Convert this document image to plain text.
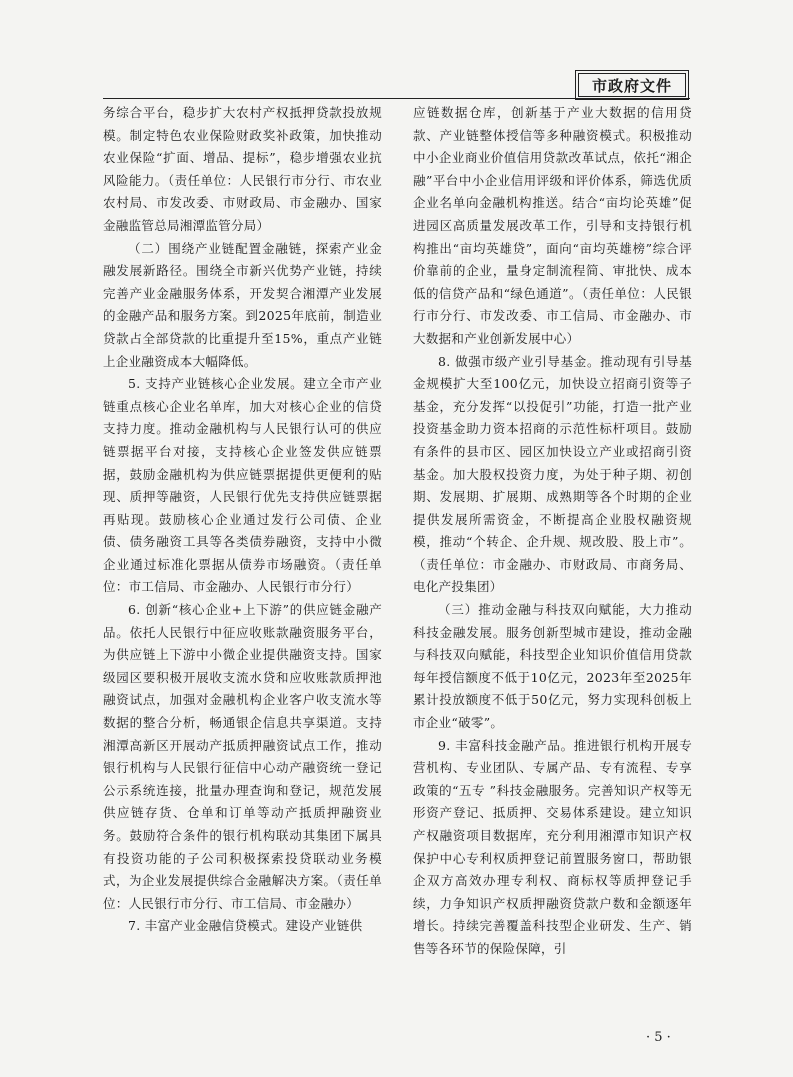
市政府文件

务综合平台，稳步扩大农村产权抵押贷款投放规模。制定特色农业保险财政奖补政策，加快推动农业保险“扩面、增品、提标”，稳步增强农业抗风险能力。（责任单位：人民银行市分行、市农业农村局、市发改委、市财政局、市金融办、国家金融监管总局湘潭监管分局）

（二）围绕产业链配置金融链，探索产业金融发展新路径。围绕全市新兴优势产业链，持续完善产业金融服务体系，开发契合湘潭产业发展的金融产品和服务方案。到2025年底前，制造业贷款占全部贷款的比重提升至15%，重点产业链上企业融资成本大幅降低。

5. 支持产业链核心企业发展。建立全市产业链重点核心企业名单库，加大对核心企业的信贷支持力度。推动金融机构与人民银行认可的供应链票据平台对接，支持核心企业签发供应链票据，鼓励金融机构为供应链票据提供更便利的贴现、质押等融资，人民银行优先支持供应链票据再贴现。鼓励核心企业通过发行公司债、企业债、债务融资工具等各类债券融资，支持中小微企业通过标准化票据从债券市场融资。（责任单位：市工信局、市金融办、人民银行市分行）

6. 创新“核心企业+上下游”的供应链金融产品。依托人民银行中征应收账款融资服务平台，为供应链上下游中小微企业提供融资支持。国家级园区要积极开展收支流水贷和应收账款质押池融资试点，加强对金融机构企业客户收支流水等数据的整合分析，畅通银企信息共享渠道。支持湘潭高新区开展动产抵质押融资试点工作，推动银行机构与人民银行征信中心动产融资统一登记公示系统连接，批量办理查询和登记，规范发展供应链存货、仓单和订单等动产抵质押融资业务。鼓励符合条件的银行机构联动其集团下属具有投资功能的子公司积极探索投贷联动业务模式，为企业发展提供综合金融解决方案。（责任单位：人民银行市分行、市工信局、市金融办）

7. 丰富产业金融信贷模式。建设产业链供

应链数据仓库，创新基于产业大数据的信用贷款、产业链整体授信等多种融资模式。积极推动中小企业商业价值信用贷款改革试点，依托“湘企融”平台中小企业信用评级和评价体系，筛选优质企业名单向金融机构推送。结合“亩均论英雄”促进园区高质量发展改革工作，引导和支持银行机构推出“亩均英雄贷”，面向“亩均英雄榜”综合评价靠前的企业，量身定制流程简、审批快、成本低的信贷产品和“绿色通道”。（责任单位：人民银行市分行、市发改委、市工信局、市金融办、市大数据和产业创新发展中心）

8. 做强市级产业引导基金。推动现有引导基金规模扩大至100亿元，加快设立招商引资等子基金，充分发挥“以投促引”功能，打造一批产业投资基金助力资本招商的示范性标杆项目。鼓励有条件的县市区、园区加快设立产业或招商引资基金。加大股权投资力度，为处于种子期、初创期、发展期、扩展期、成熟期等各个时期的企业提供发展所需资金，不断提高企业股权融资规模，推动“个转企、企升规、规改股、股上市”。（责任单位：市金融办、市财政局、市商务局、电化产投集团）

（三）推动金融与科技双向赋能，大力推动科技金融发展。服务创新型城市建设，推动金融与科技双向赋能，科技型企业知识价值信用贷款每年授信额度不低于10亿元，2023年至2025年累计投放额度不低于50亿元，努力实现科创板上市企业“破零”。

9. 丰富科技金融产品。推进银行机构开展专营机构、专业团队、专属产品、专有流程、专享政策的“五专 ”科技金融服务。完善知识产权等无形资产登记、抵质押、交易体系建设。建立知识产权融资项目数据库，充分利用湘潭市知识产权保护中心专利权质押登记前置服务窗口，帮助银企双方高效办理专利权、商标权等质押登记手续，力争知识产权质押融资贷款户数和金额逐年增长。持续完善覆盖科技型企业研发、生产、销售等各环节的保险保障，引

· 5 ·
